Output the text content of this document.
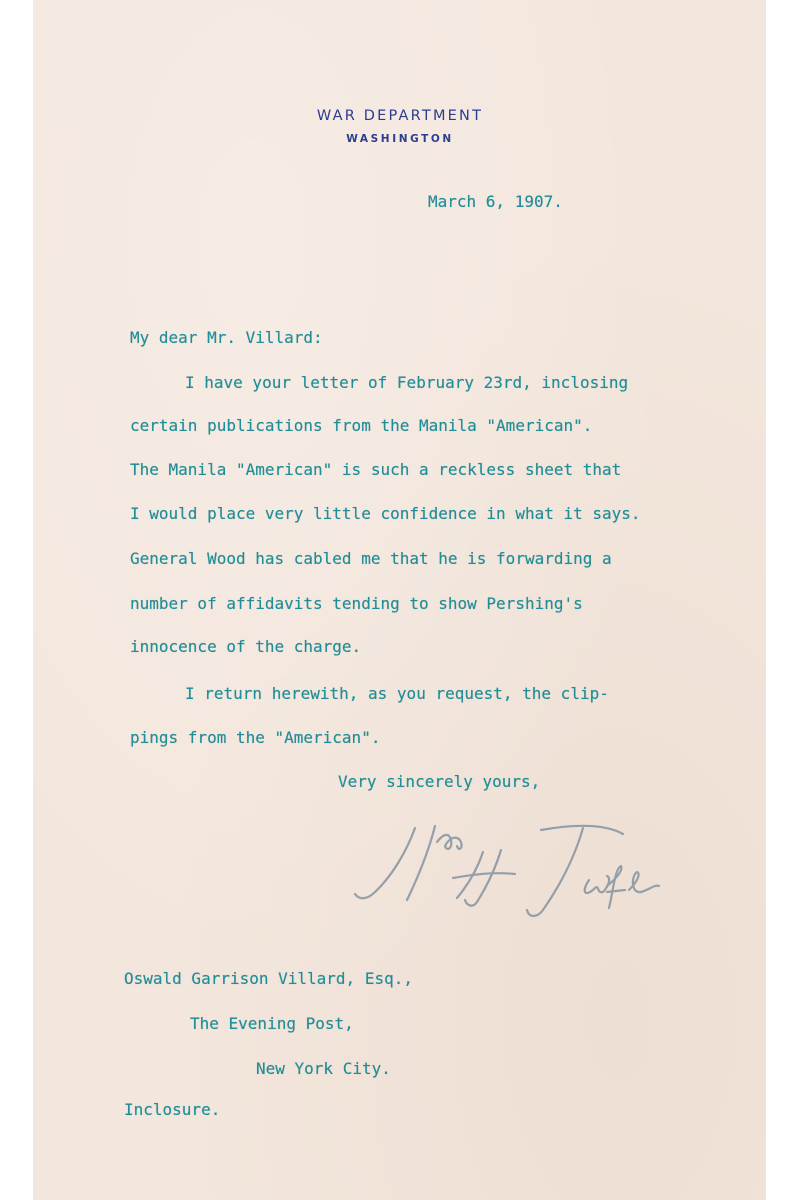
WAR DEPARTMENT
WASHINGTON
March 6, 1907.
My dear Mr. Villard:
I have your letter of February 23rd, inclosing
certain publications from the Manila "American".
The Manila "American" is such a reckless sheet that
I would place very little confidence in what it says.
General Wood has cabled me that he is forwarding a
number of affidavits tending to show Pershing's
innocence of the charge.
I return herewith, as you request, the clip-
pings from the "American".
Very sincerely yours,
Oswald Garrison Villard, Esq.,
The Evening Post,
New York City.
Inclosure.
